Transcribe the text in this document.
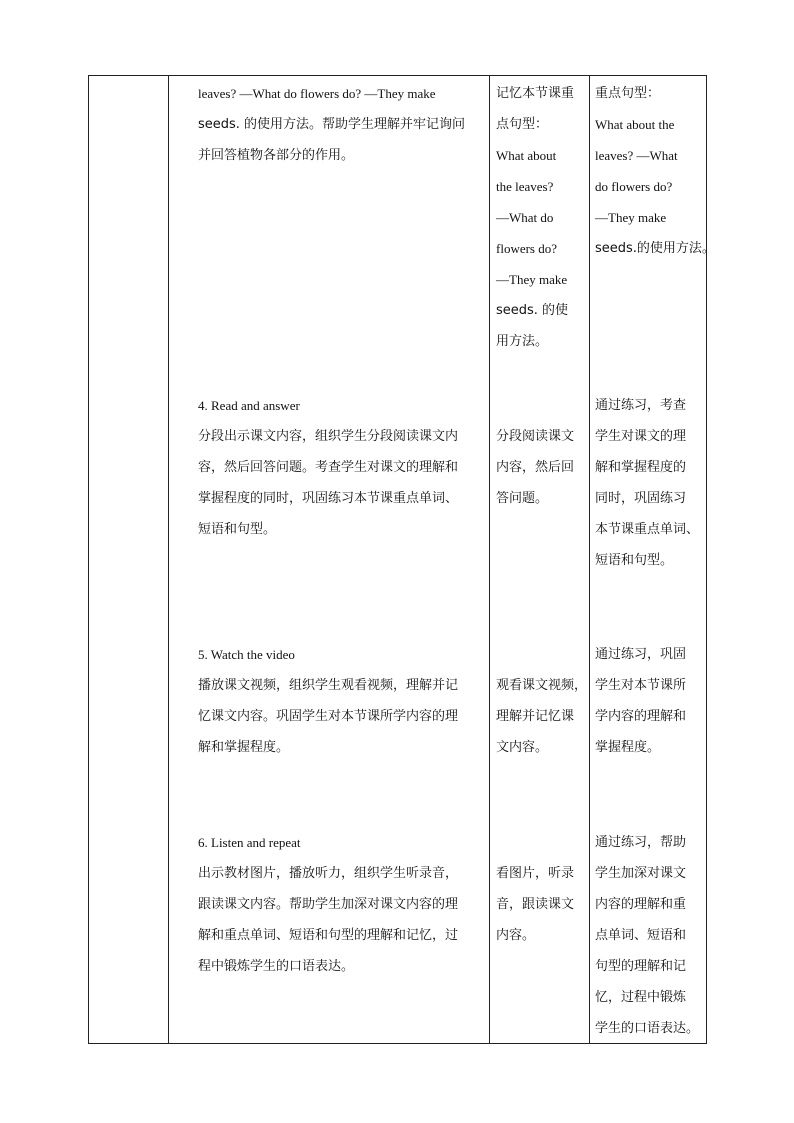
leaves? —What do flowers do? —They make
seeds. 的使用方法。帮助学生理解并牢记询问
并回答植物各部分的作用。
记忆本节课重
点句型：
What about
the leaves?
—What do
flowers do?
—They make
seeds. 的使
用方法。
重点句型：
What about the
leaves? —What
do flowers do?
—They make
seeds.的使用方法。
4. Read and answer
分段出示课文内容，组织学生分段阅读课文内
容，然后回答问题。考查学生对课文的理解和
掌握程度的同时，巩固练习本节课重点单词、
短语和句型。
分段阅读课文
内容，然后回
答问题。
通过练习，考查
学生对课文的理
解和掌握程度的
同时，巩固练习
本节课重点单词、
短语和句型。
5. Watch the video
播放课文视频，组织学生观看视频，理解并记
忆课文内容。巩固学生对本节课所学内容的理
解和掌握程度。
观看课文视频，
理解并记忆课
文内容。
通过练习，巩固
学生对本节课所
学内容的理解和
掌握程度。
6. Listen and repeat
出示教材图片，播放听力，组织学生听录音，
跟读课文内容。帮助学生加深对课文内容的理
解和重点单词、短语和句型的理解和记忆，过
程中锻炼学生的口语表达。
看图片，听录
音，跟读课文
内容。
通过练习，帮助
学生加深对课文
内容的理解和重
点单词、短语和
句型的理解和记
忆，过程中锻炼
学生的口语表达。
